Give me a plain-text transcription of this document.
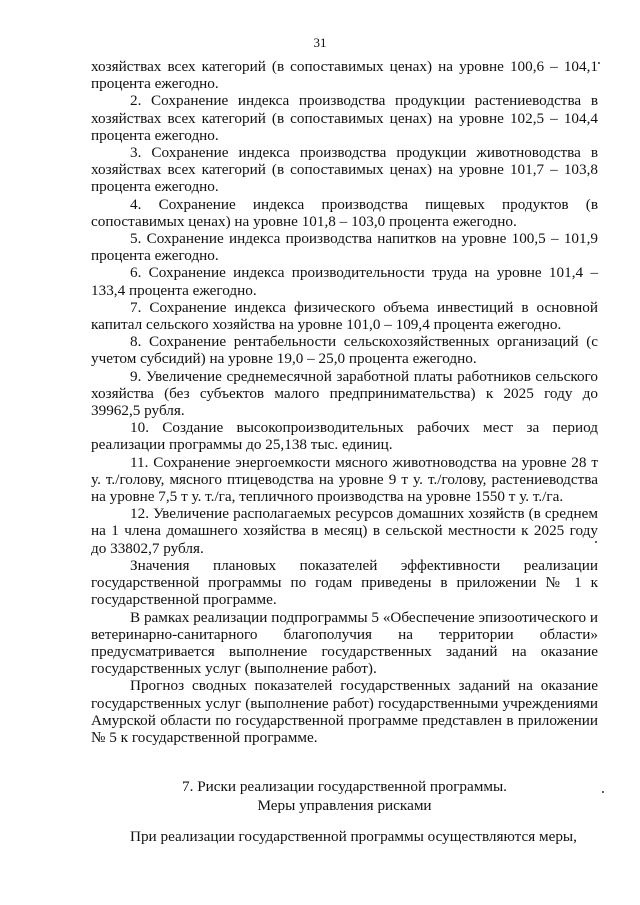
31

хозяйствах всех категорий (в сопоставимых ценах) на уровне 100,6 – 104,1 процента ежегодно.

2. Сохранение индекса производства продукции растениеводства в хозяйствах всех категорий (в сопоставимых ценах) на уровне 102,5 – 104,4 процента ежегодно.

3. Сохранение индекса производства продукции животноводства в хозяйствах всех категорий (в сопоставимых ценах) на уровне 101,7 – 103,8 процента ежегодно.

4. Сохранение индекса производства пищевых продуктов (в сопоставимых ценах) на уровне 101,8 – 103,0 процента ежегодно.

5. Сохранение индекса производства напитков на уровне 100,5 – 101,9 процента ежегодно.

6. Сохранение индекса производительности труда на уровне 101,4 – 133,4 процента ежегодно.

7. Сохранение индекса физического объема инвестиций в основной капитал сельского хозяйства на уровне 101,0 – 109,4 процента ежегодно.

8. Сохранение рентабельности сельскохозяйственных организаций (с учетом субсидий) на уровне 19,0 – 25,0 процента ежегодно.

9. Увеличение среднемесячной заработной платы работников сельского хозяйства (без субъектов малого предпринимательства) к 2025 году до 39962,5 рубля.

10. Создание высокопроизводительных рабочих мест за период реализации программы до 25,138 тыс. единиц.

11. Сохранение энергоемкости мясного животноводства на уровне 28 т у. т./голову, мясного птицеводства на уровне 9 т у. т./голову, растениеводства на уровне 7,5 т у. т./га, тепличного производства на уровне 1550 т у. т./га.

12. Увеличение располагаемых ресурсов домашних хозяйств (в среднем на 1 члена домашнего хозяйства в месяц) в сельской местности к 2025 году до 33802,7 рубля.

Значения плановых показателей эффективности реализации государственной программы по годам приведены в приложении № 1 к государственной программе.

В рамках реализации подпрограммы 5 «Обеспечение эпизоотического и ветеринарно-санитарного благополучия на территории области» предусматривается выполнение государственных заданий на оказание государственных услуг (выполнение работ).

Прогноз сводных показателей государственных заданий на оказание государственных услуг (выполнение работ) государственными учреждениями Амурской области по государственной программе представлен в приложении № 5 к государственной программе.

7. Риски реализации государственной программы.
Меры управления рисками
При реализации государственной программы осуществляются меры,
